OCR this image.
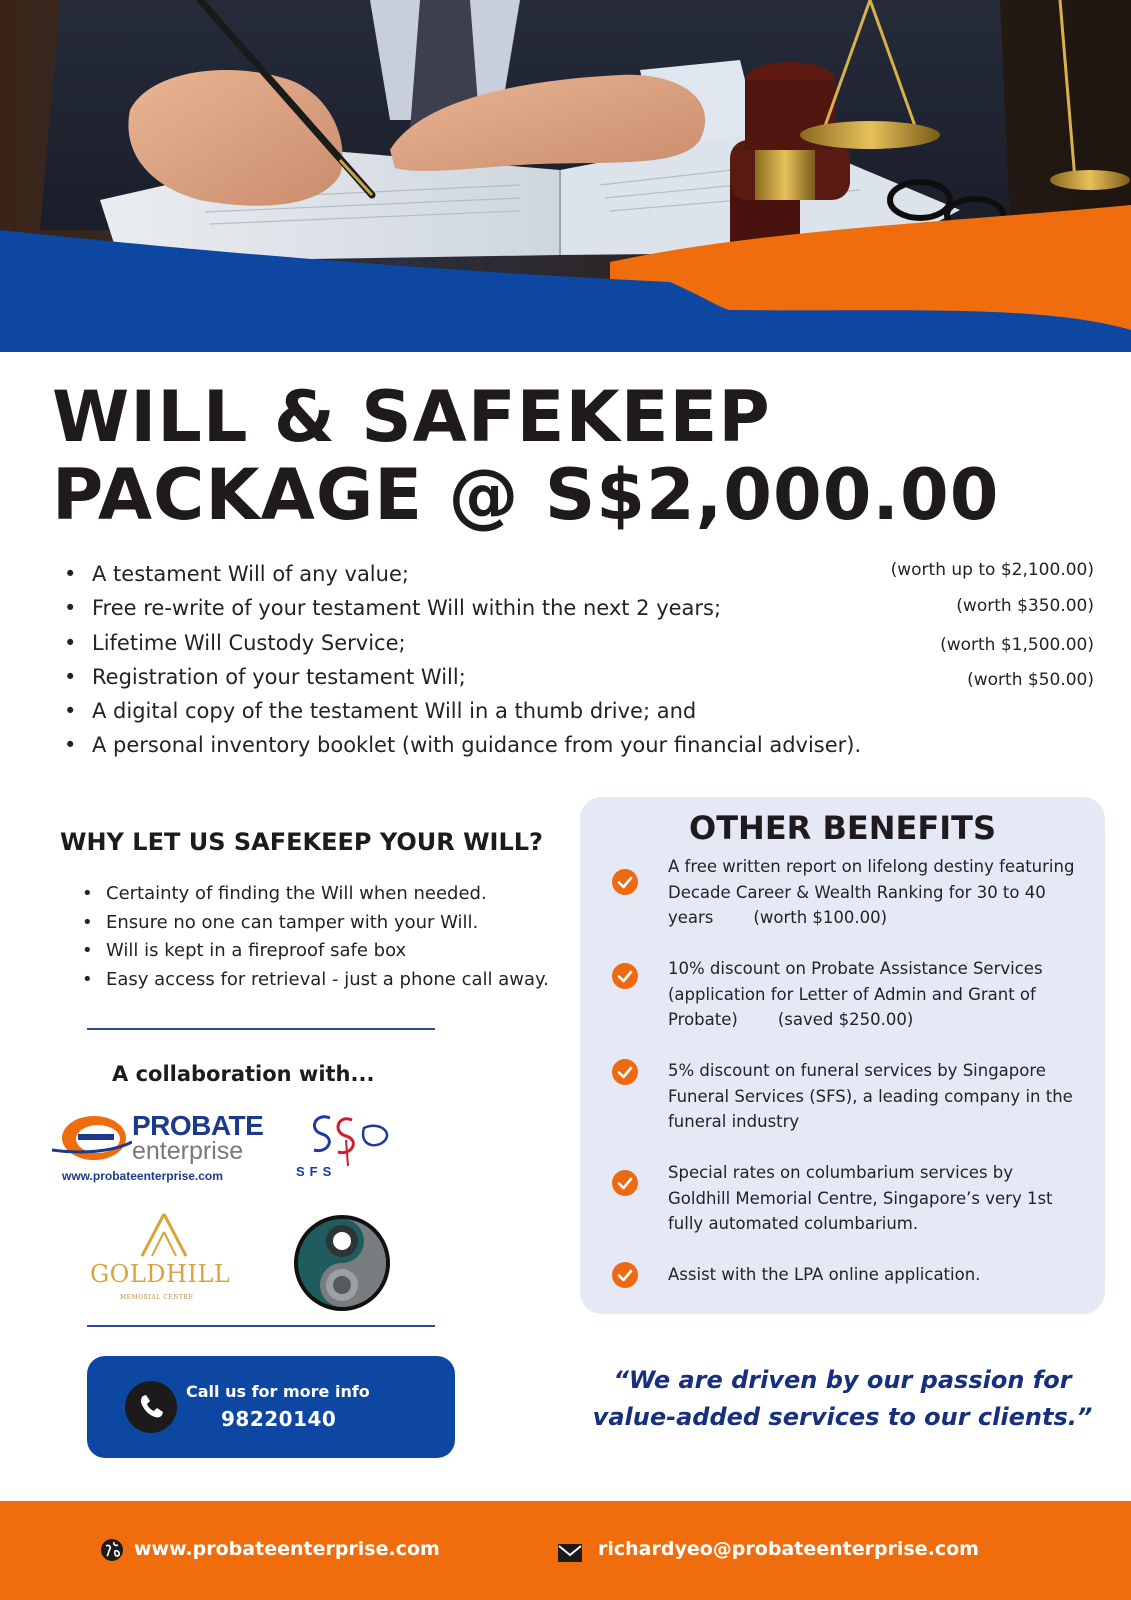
WILL & SAFEKEEP
PACKAGE @ S$2,000.00
• A testament Will of any value;	(worth up to $2,100.00)
• Free re-write of your testament Will within the next 2 years;	(worth $350.00)
• Lifetime Will Custody Service;	(worth $1,500.00)
• Registration of your testament Will;	(worth $50.00)
• A digital copy of the testament Will in a thumb drive; and
• A personal inventory booklet (with guidance from your financial adviser).
WHY LET US SAFEKEEP YOUR WILL?
• Certainty of finding the Will when needed.
• Ensure no one can tamper with your Will.
• Will is kept in a fireproof safe box
• Easy access for retrieval - just a phone call away.
A collaboration with...
PROBATE
enterprise
www.probateenterprise.com	SFS
GOLDHILL
MEMORIAL CENTRE
OTHER BENEFITS

A free written report on lifelong destiny featuring
Decade Career & Wealth Ranking for 30 to 40
years (worth $100.00)

10% discount on Probate Assistance Services
(application for Letter of Admin and Grant of
Probate) (saved $250.00)

5% discount on funeral services by Singapore
Funeral Services (SFS), a leading company in the
funeral industry

Special rates on columbarium services by
Goldhill Memorial Centre, Singapore’s very 1st
fully automated columbarium.

Assist with the LPA online application.

Call us for more info
98220140

“We are driven by our passion for
value-added services to our clients.”

www.probateenterprise.com	richardyeo@probateenterprise.com
